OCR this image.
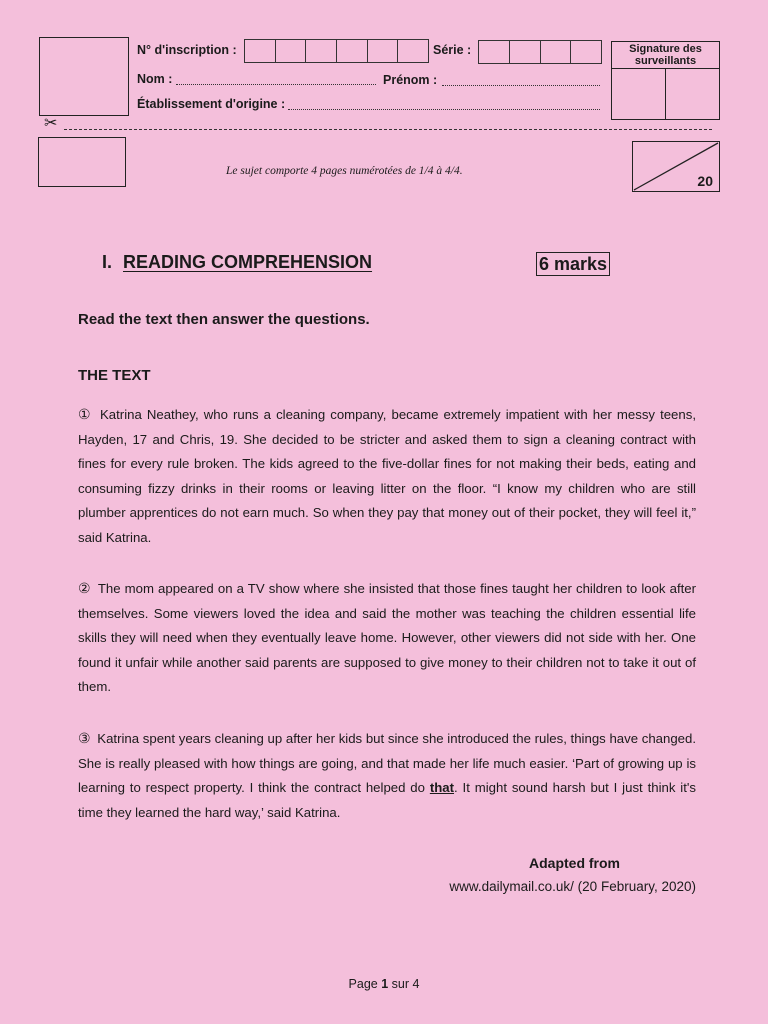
N° d'inscription :	Série :
Nom :	Prénom :
Établissement d'origine :
Signature des
surveillants
✂
Le sujet comporte 4 pages numérotées de 1/4 à 4/4.
20
I. READING COMPREHENSION	6 marks
Read the text then answer the questions.
THE TEXT
① Katrina Neathey, who runs a cleaning company, became extremely impatient with her messy teens, Hayden, 17 and Chris, 19. She decided to be stricter and asked them to sign a cleaning contract with fines for every rule broken. The kids agreed to the five-dollar fines for not making their beds, eating and consuming fizzy drinks in their rooms or leaving litter on the floor. “I know my children who are still plumber apprentices do not earn much. So when they pay that money out of their pocket, they will feel it,” said Katrina.
② The mom appeared on a TV show where she insisted that those fines taught her children to look after themselves. Some viewers loved the idea and said the mother was teaching the children essential life skills they will need when they eventually leave home. However, other viewers did not side with her. One found it unfair while another said parents are supposed to give money to their children not to take it out of them.
③ Katrina spent years cleaning up after her kids but since she introduced the rules, things have changed. She is really pleased with how things are going, and that made her life much easier. ‘Part of growing up is learning to respect property. I think the contract helped do that. It might sound harsh but I just think it's time they learned the hard way,’ said Katrina.
Adapted from
www.dailymail.co.uk/ (20 February, 2020)
Page 1 sur 4
